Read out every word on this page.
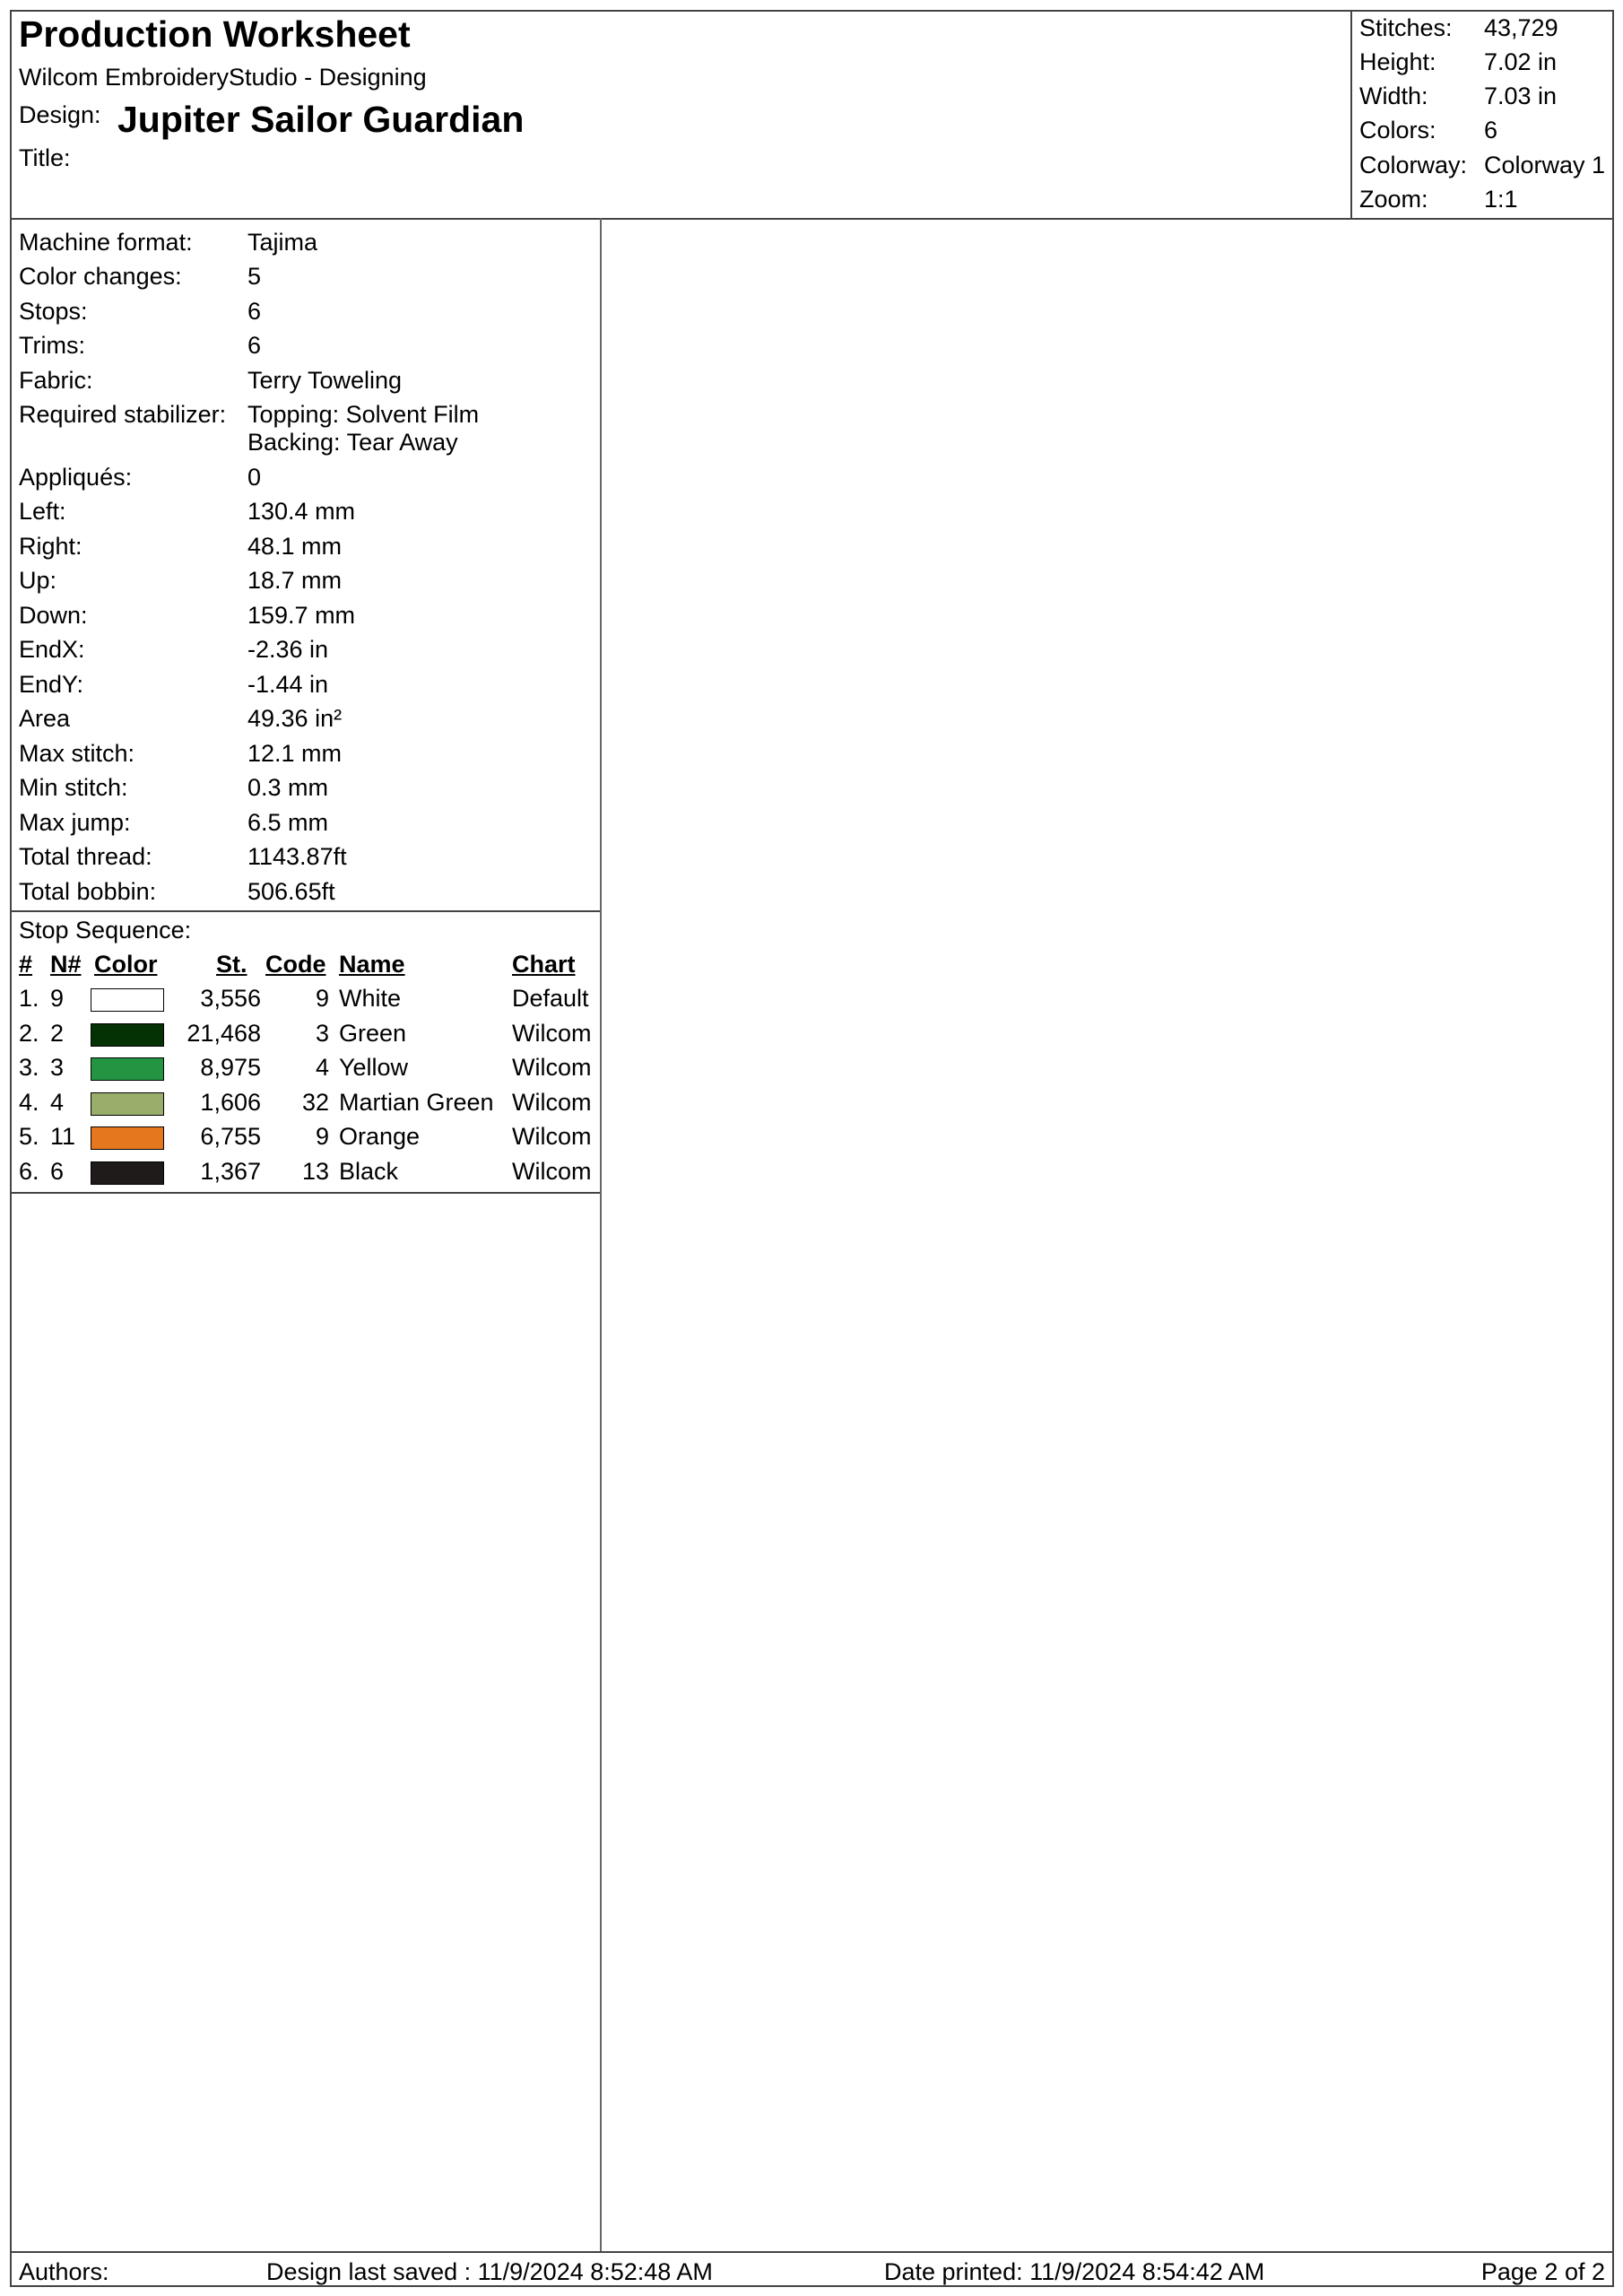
Production Worksheet
Wilcom EmbroideryStudio - Designing
Design: Jupiter Sailor Guardian
Title:
Stitches: 43,729
Height: 7.02 in
Width: 7.03 in
Colors: 6
Colorway: Colorway 1
Zoom: 1:1
Machine format: Tajima
Color changes:	5
Stops:	6
Trims:	6
Fabric:	Terry Toweling
Required stabilizer: Topping: Solvent Film
Backing: Tear Away
Appliqués:	0
Left:	130.4 mm
Right:	48.1 mm
Up:	18.7 mm
Down:	159.7 mm
EndX:	-2.36 in
EndY:	-1.44 in
Area	49.36 in²
Max stitch:	12.1 mm
Min stitch:	0.3 mm
Max jump:	6.5 mm
Total thread:	1143.87ft
Total bobbin:	506.65ft
Stop Sequence:
# N# Color St. Code Name	Chart
1. 9	3,556 9 White	Default
2. 2	21,468 3 Green	Wilcom
3. 3	8,975 4 Yellow	Wilcom
4. 4	1,606 32 Martian Green Wilcom
5. 11	6,755 9 Orange	Wilcom
6. 6	1,367 13 Black	Wilcom
Authors:	Design last saved : 11/9/2024 8:52:48 AM	Date printed: 11/9/2024 8:54:42 AM	Page 2 of 2
